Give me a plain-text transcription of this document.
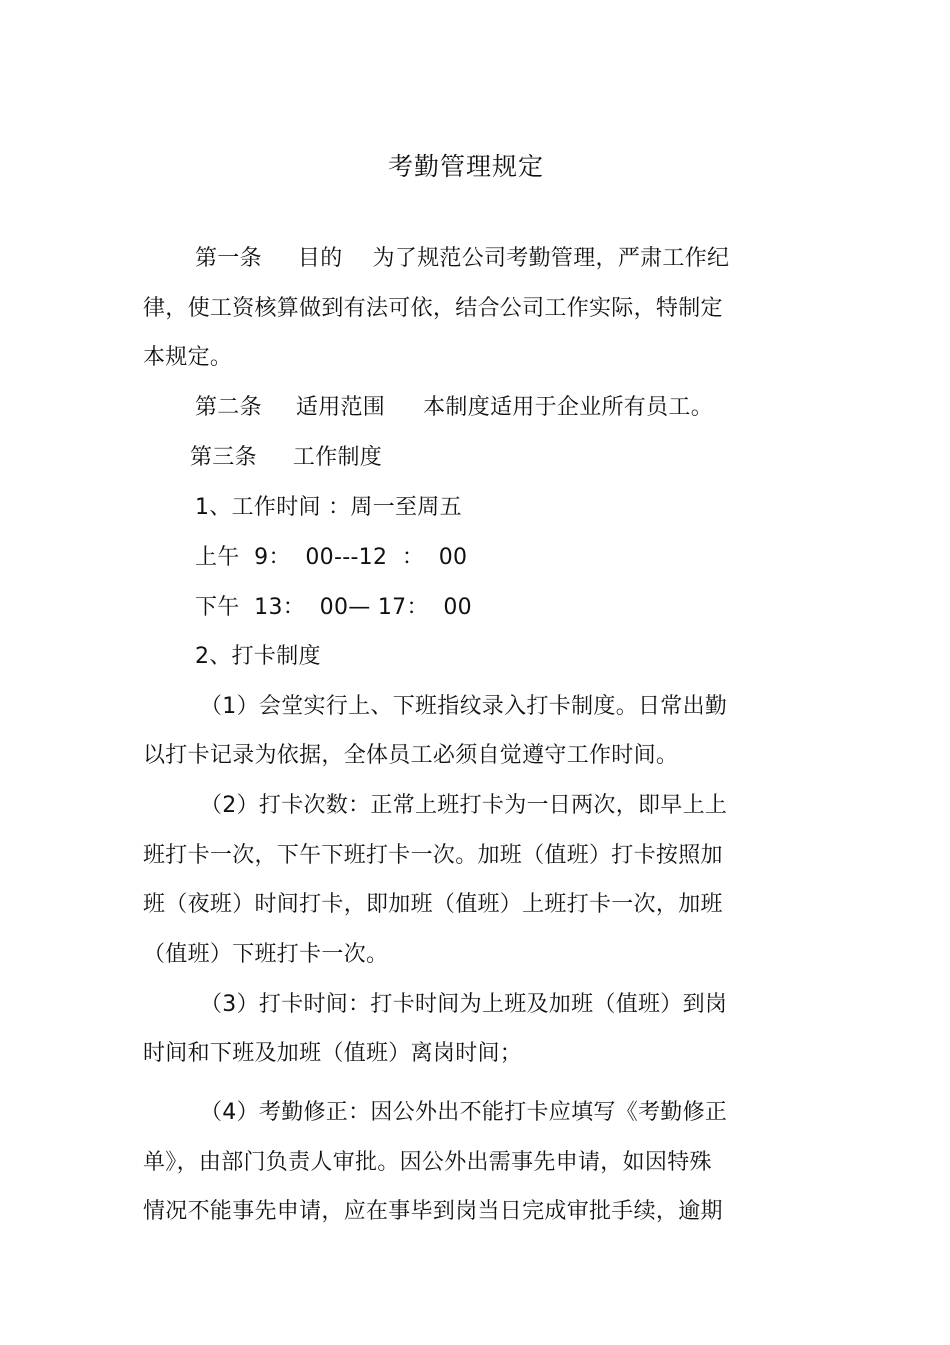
考勤管理规定
第一条 目的 为了规范公司考勤管理，严肃工作纪
律，使工资核算做到有法可依，结合公司工作实际，特制定
本规定。
第二条 适用范围 本制度适用于企业所有员工。
第三条 工作制度
1、工作时间 ：周一至周五
上午  9：  00---12  ：  00
下午  13：  00— 17：  00
2、打卡制度
（1）会堂实行上、下班指纹录入打卡制度。日常出勤
以打卡记录为依据，全体员工必须自觉遵守工作时间。
（2）打卡次数：正常上班打卡为一日两次，即早上上
班打卡一次，下午下班打卡一次。加班（值班）打卡按照加
班（夜班）时间打卡，即加班（值班）上班打卡一次，加班
（值班）下班打卡一次。
（3）打卡时间：打卡时间为上班及加班（值班）到岗
时间和下班及加班（值班）离岗时间；
（4）考勤修正：因公外出不能打卡应填写《考勤修正
单》，由部门负责人审批。因公外出需事先申请，如因特殊
情况不能事先申请，应在事毕到岗当日完成审批手续，逾期
